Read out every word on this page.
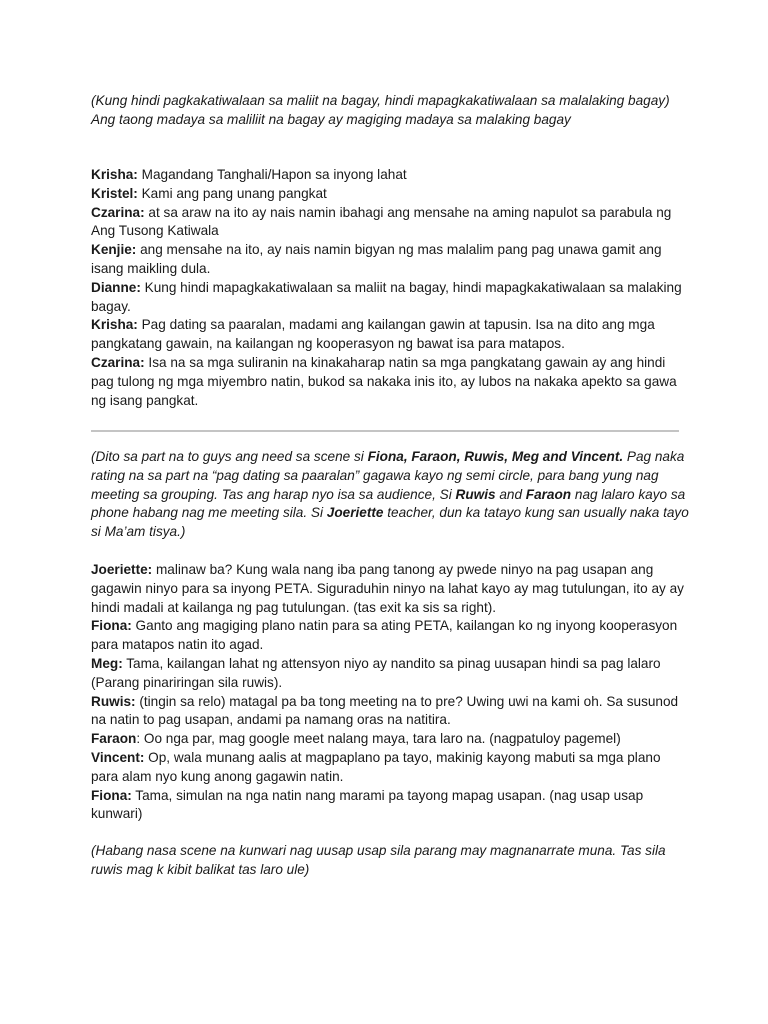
(Kung hindi pagkakatiwalaan sa maliit na bagay, hindi mapagkakatiwalaan sa malalaking bagay)

Ang taong madaya sa maliliit na bagay ay magiging madaya sa malaking bagay

Krisha: Magandang Tanghali/Hapon sa inyong lahat

Kristel: Kami ang pang unang pangkat

Czarina: at sa araw na ito ay nais namin ibahagi ang mensahe na aming napulot sa parabula ng Ang Tusong Katiwala

Kenjie: ang mensahe na ito, ay nais namin bigyan ng mas malalim pang pag unawa gamit ang isang maikling dula.

Dianne: Kung hindi mapagkakatiwalaan sa maliit na bagay, hindi mapagkakatiwalaan sa malaking bagay.

Krisha: Pag dating sa paaralan, madami ang kailangan gawin at tapusin. Isa na dito ang mga pangkatang gawain, na kailangan ng kooperasyon ng bawat isa para matapos.

Czarina: Isa na sa mga suliranin na kinakaharap natin sa mga pangkatang gawain ay ang hindi pag tulong ng mga miyembro natin, bukod sa nakaka inis ito, ay lubos na nakaka apekto sa gawa ng isang pangkat.

(Dito sa part na to guys ang need sa scene si Fiona, Faraon, Ruwis, Meg and Vincent. Pag naka rating na sa part na “pag dating sa paaralan” gagawa kayo ng semi circle, para bang yung nag meeting sa grouping. Tas ang harap nyo isa sa audience, Si Ruwis and Faraon nag lalaro kayo sa phone habang nag me meeting sila. Si Joeriette teacher, dun ka tatayo kung san usually naka tayo si Ma’am tisya.)

Joeriette: malinaw ba? Kung wala nang iba pang tanong ay pwede ninyo na pag usapan ang gagawin ninyo para sa inyong PETA. Siguraduhin ninyo na lahat kayo ay mag tutulungan, ito ay ay hindi madali at kailanga ng pag tutulungan. (tas exit ka sis sa right).

Fiona: Ganto ang magiging plano natin para sa ating PETA, kailangan ko ng inyong kooperasyon para matapos natin ito agad.

Meg: Tama, kailangan lahat ng attensyon niyo ay nandito sa pinag uusapan hindi sa pag lalaro (Parang pinariringan sila ruwis).

Ruwis: (tingin sa relo) matagal pa ba tong meeting na to pre? Uwing uwi na kami oh. Sa susunod na natin to pag usapan, andami pa namang oras na natitira.

Faraon: Oo nga par, mag google meet nalang maya, tara laro na. (nagpatuloy pagemel)

Vincent: Op, wala munang aalis at magpaplano pa tayo, makinig kayong mabuti sa mga plano para alam nyo kung anong gagawin natin.

Fiona: Tama, simulan na nga natin nang marami pa tayong mapag usapan. (nag usap usap kunwari)

(Habang nasa scene na kunwari nag uusap usap sila parang may magnanarrate muna. Tas sila ruwis mag k kibit balikat tas laro ule)
